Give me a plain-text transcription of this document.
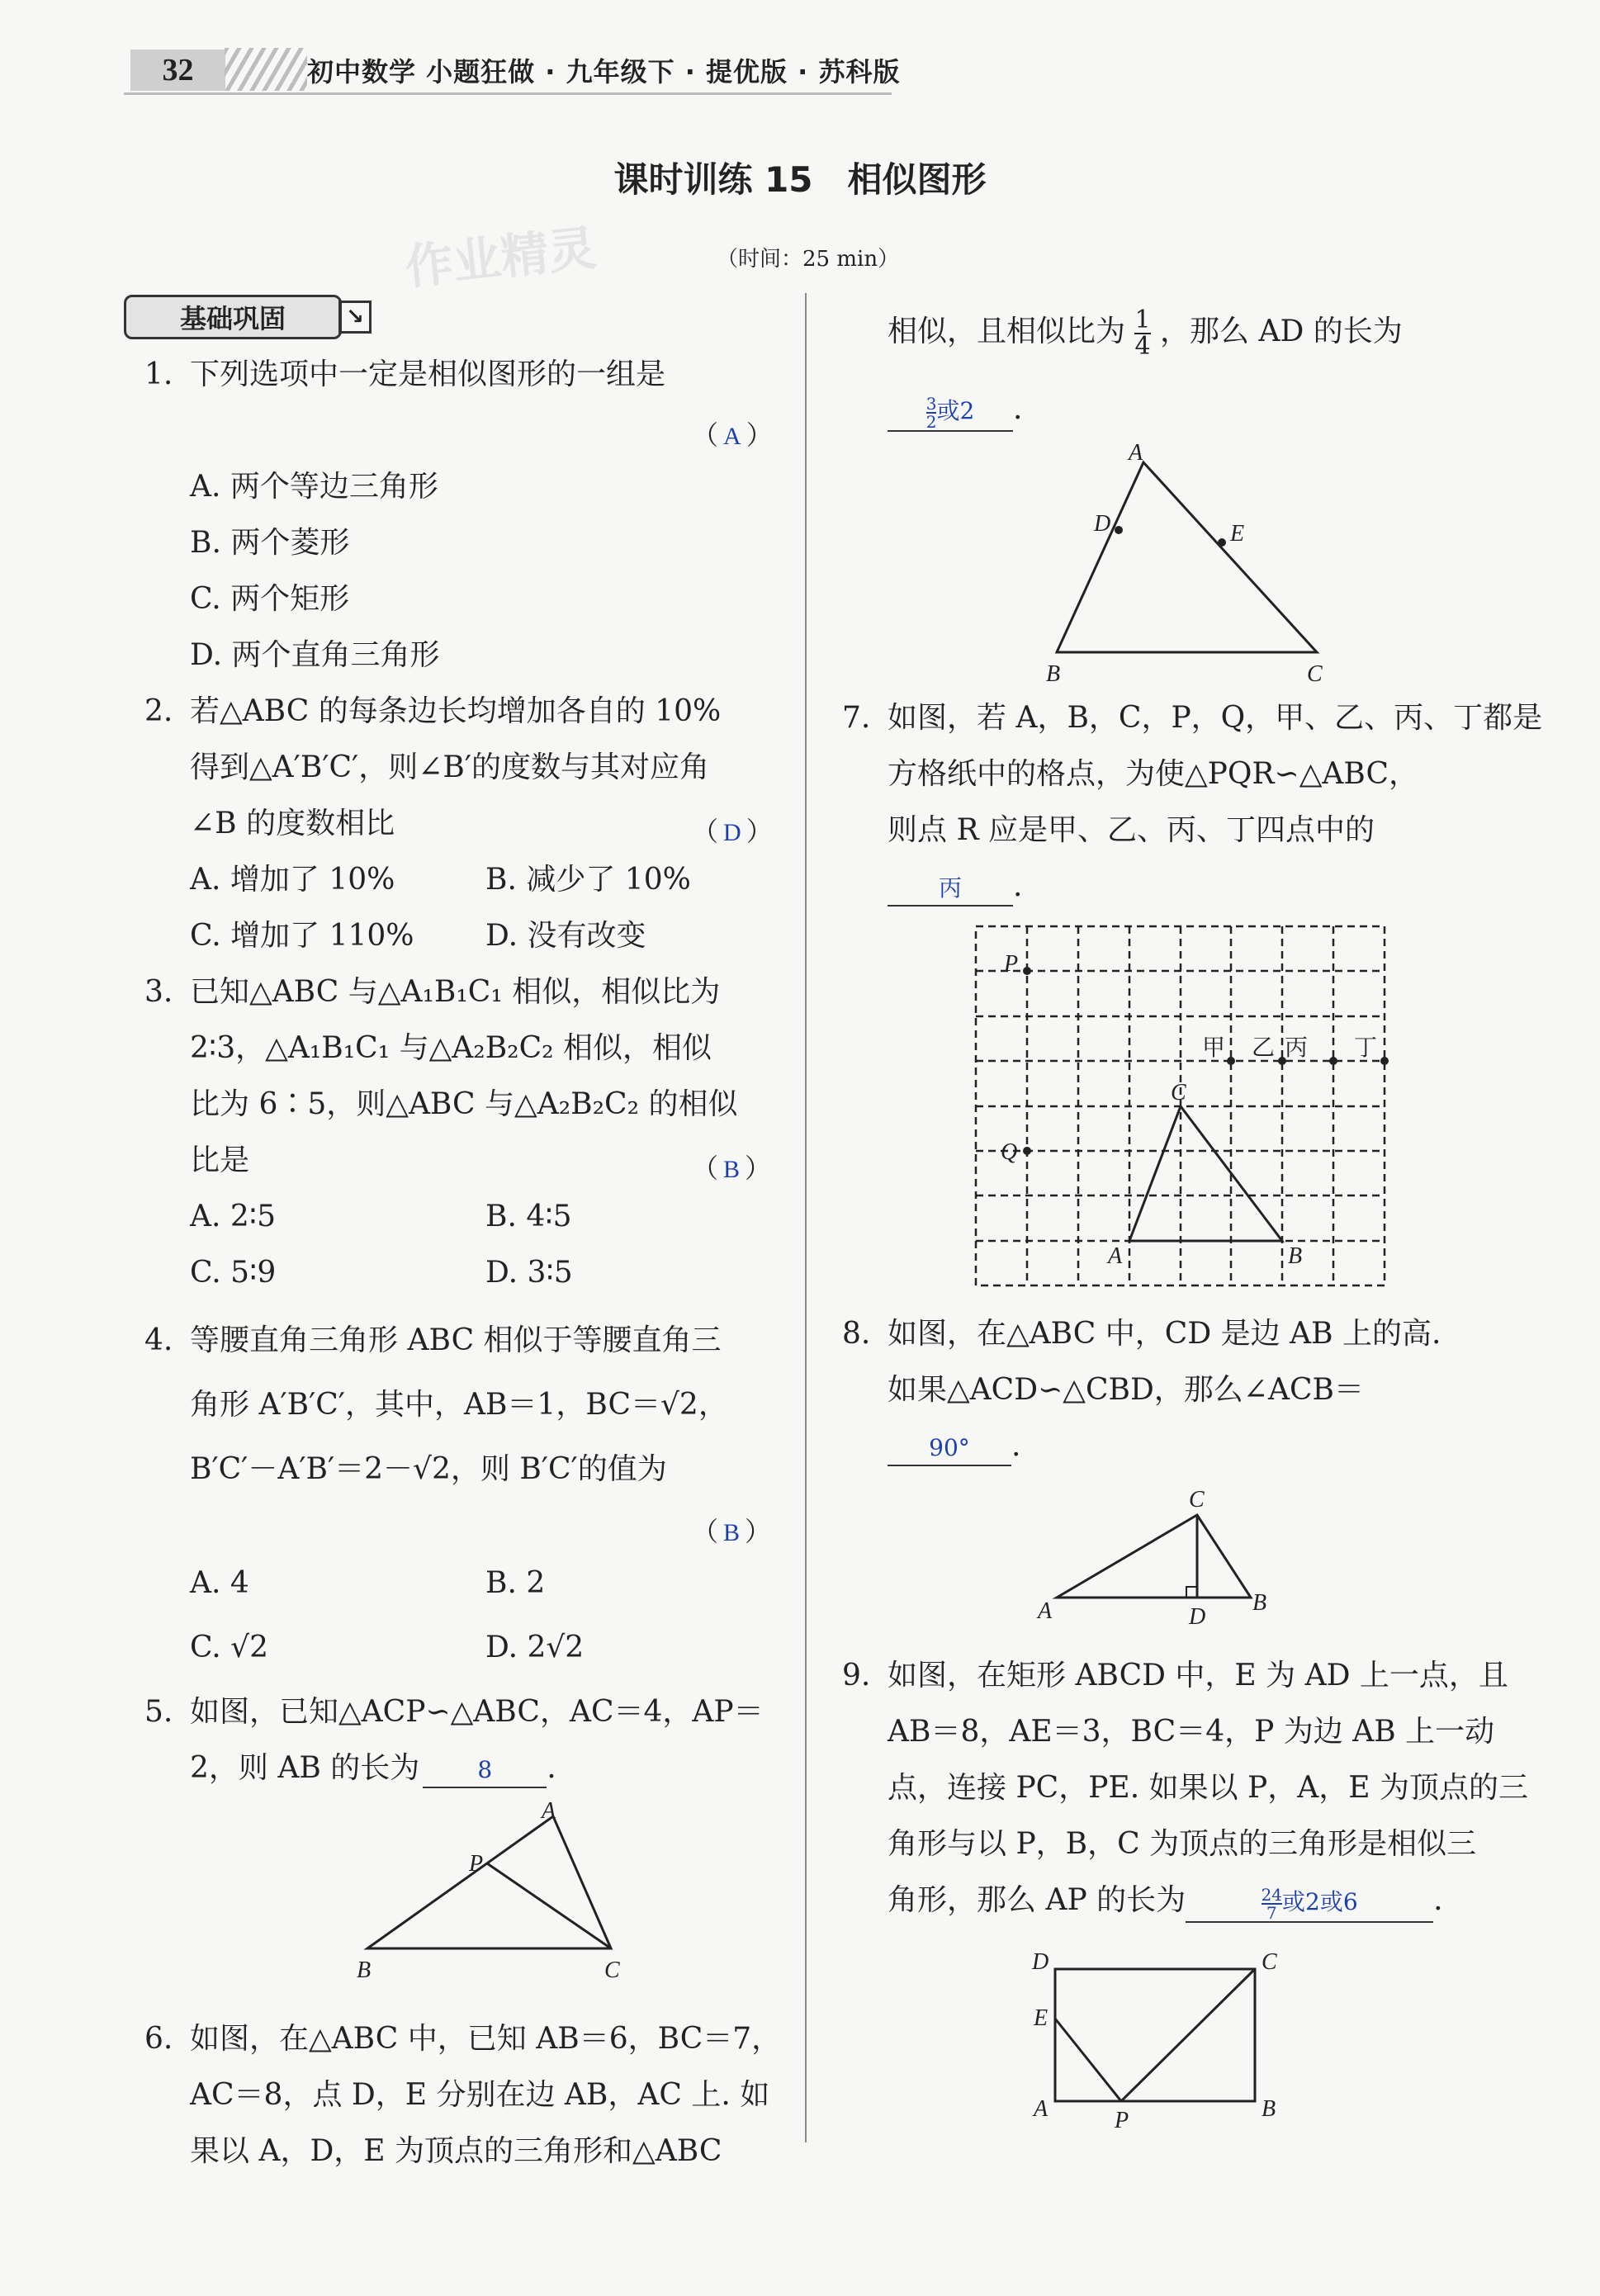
32	初中数学 小题狂做 · 九年级下 · 提优版 · 苏科版
课时训练 15　相似图形
作业精灵	（时间：25 min）
基础巩固	↘
1. 下列选项中一定是相似图形的一组是
（ A ）
A. 两个等边三角形
B. 两个菱形
C. 两个矩形
D. 两个直角三角形
2. 若△ABC 的每条边长均增加各自的 10%
得到△A′B′C′，则∠B′的度数与其对应角
∠B 的度数相比	（ D ）
A. 增加了 10%	B. 减少了 10%
C. 增加了 110% D. 没有改变
3. 已知△ABC 与△A₁B₁C₁ 相似，相似比为
2∶3，△A₁B₁C₁ 与△A₂B₂C₂ 相似，相似
比为 6∶5，则△ABC 与△A₂B₂C₂ 的相似
比是	（ B ）
A. 2∶5	B. 4∶5
C. 5∶9	D. 3∶5
4. 等腰直角三角形 ABC 相似于等腰直角三
角形 A′B′C′，其中，AB＝1，BC＝√2，
B′C′－A′B′＝2－√2，则 B′C′的值为
（ B ）
A. 4	B. 2
C. √2	D. 2√2
5. 如图，已知△ACP∽△ABC，AC＝4，AP＝
2，则 AB 的长为	8 .
A
P
B	C
6. 如图，在△ABC 中，已知 AB＝6，BC＝7，
AC＝8，点 D，E 分别在边 AB，AC 上. 如
果以 A，D，E 为顶点的三角形和△ABC
相似，且相似比为 $\frac{1}{4}$ ，那么 AD 的长为
$\frac{3}{2}$ 或2 .
A
D	E
B	C
7. 如图，若 A，B，C，P，Q，甲、乙、丙、丁都是
方格纸中的格点，为使△PQR∽△ABC，
则点 R 应是甲、乙、丙、丁四点中的
丙 .
P
Q
甲 乙 丙 丁
C
A	B
8. 如图，在△ABC 中，CD 是边 AB 上的高.
如果△ACD∽△CBD，那么∠ACB＝
90° .
C
A	D
B
9. 如图，在矩形 ABCD 中，E 为 AD 上一点，且
AB＝8，AE＝3，BC＝4，P 为边 AB 上一动
点，连接 PC，PE. 如果以 P，A，E 为顶点的三
角形与以 P，B，C 为顶点的三角形是相似三
角形，那么 AP 的长为	$\frac{24}{7}$ 或2或6	.
D	C
E
A	P	B
